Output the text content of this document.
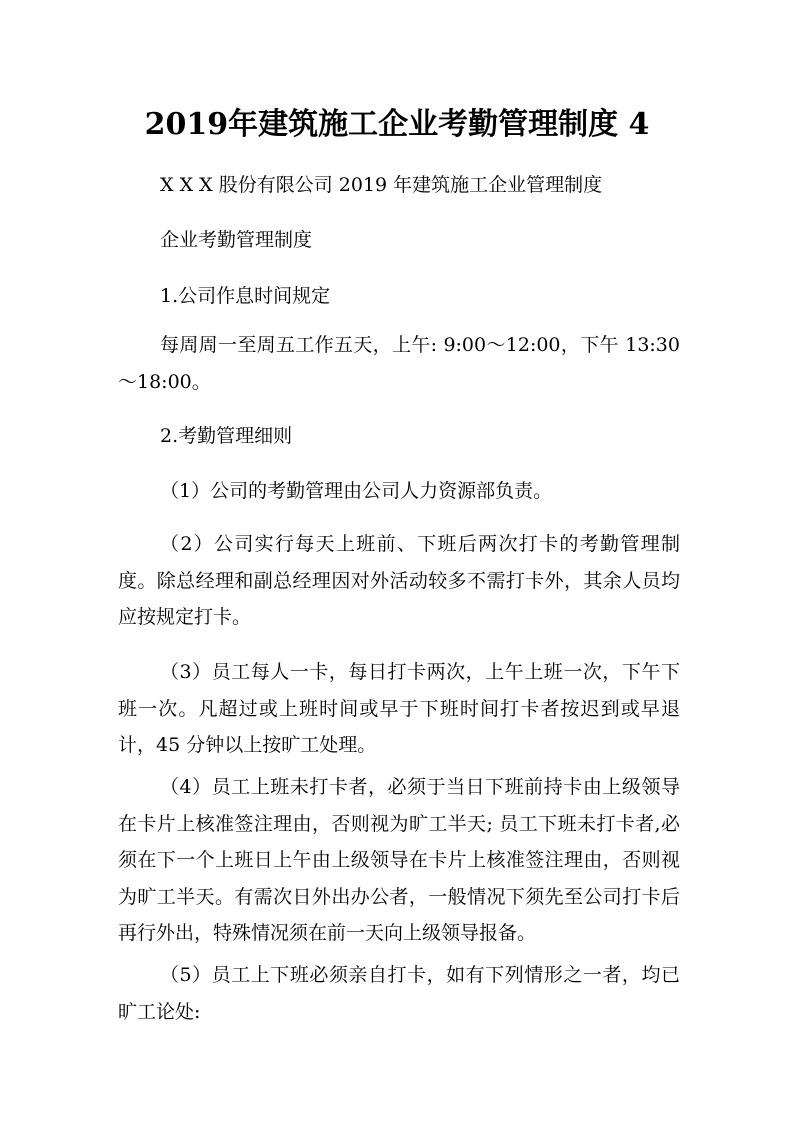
2019年建筑施工企业考勤管理制度 4

X X X 股份有限公司 2019 年建筑施工企业管理制度

企业考勤管理制度

1.公司作息时间规定

每周周一至周五工作五天，上午: 9:00～12:00，下午 13:30～18:00。

2.考勤管理细则

（1）公司的考勤管理由公司人力资源部负责。

（2）公司实行每天上班前、下班后两次打卡的考勤管理制度。除总经理和副总经理因对外活动较多不需打卡外，其余人员均应按规定打卡。

（3）员工每人一卡，每日打卡两次，上午上班一次，下午下班一次。凡超过或上班时间或早于下班时间打卡者按迟到或早退计，45 分钟以上按旷工处理。

（4）员工上班未打卡者，必须于当日下班前持卡由上级领导在卡片上核准签注理由，否则视为旷工半天; 员工下班未打卡者,必须在下一个上班日上午由上级领导在卡片上核准签注理由，否则视为旷工半天。有需次日外出办公者，一般情况下须先至公司打卡后再行外出，特殊情况须在前一天向上级领导报备。

（5）员工上下班必须亲自打卡，如有下列情形之一者，均已旷工论处:
